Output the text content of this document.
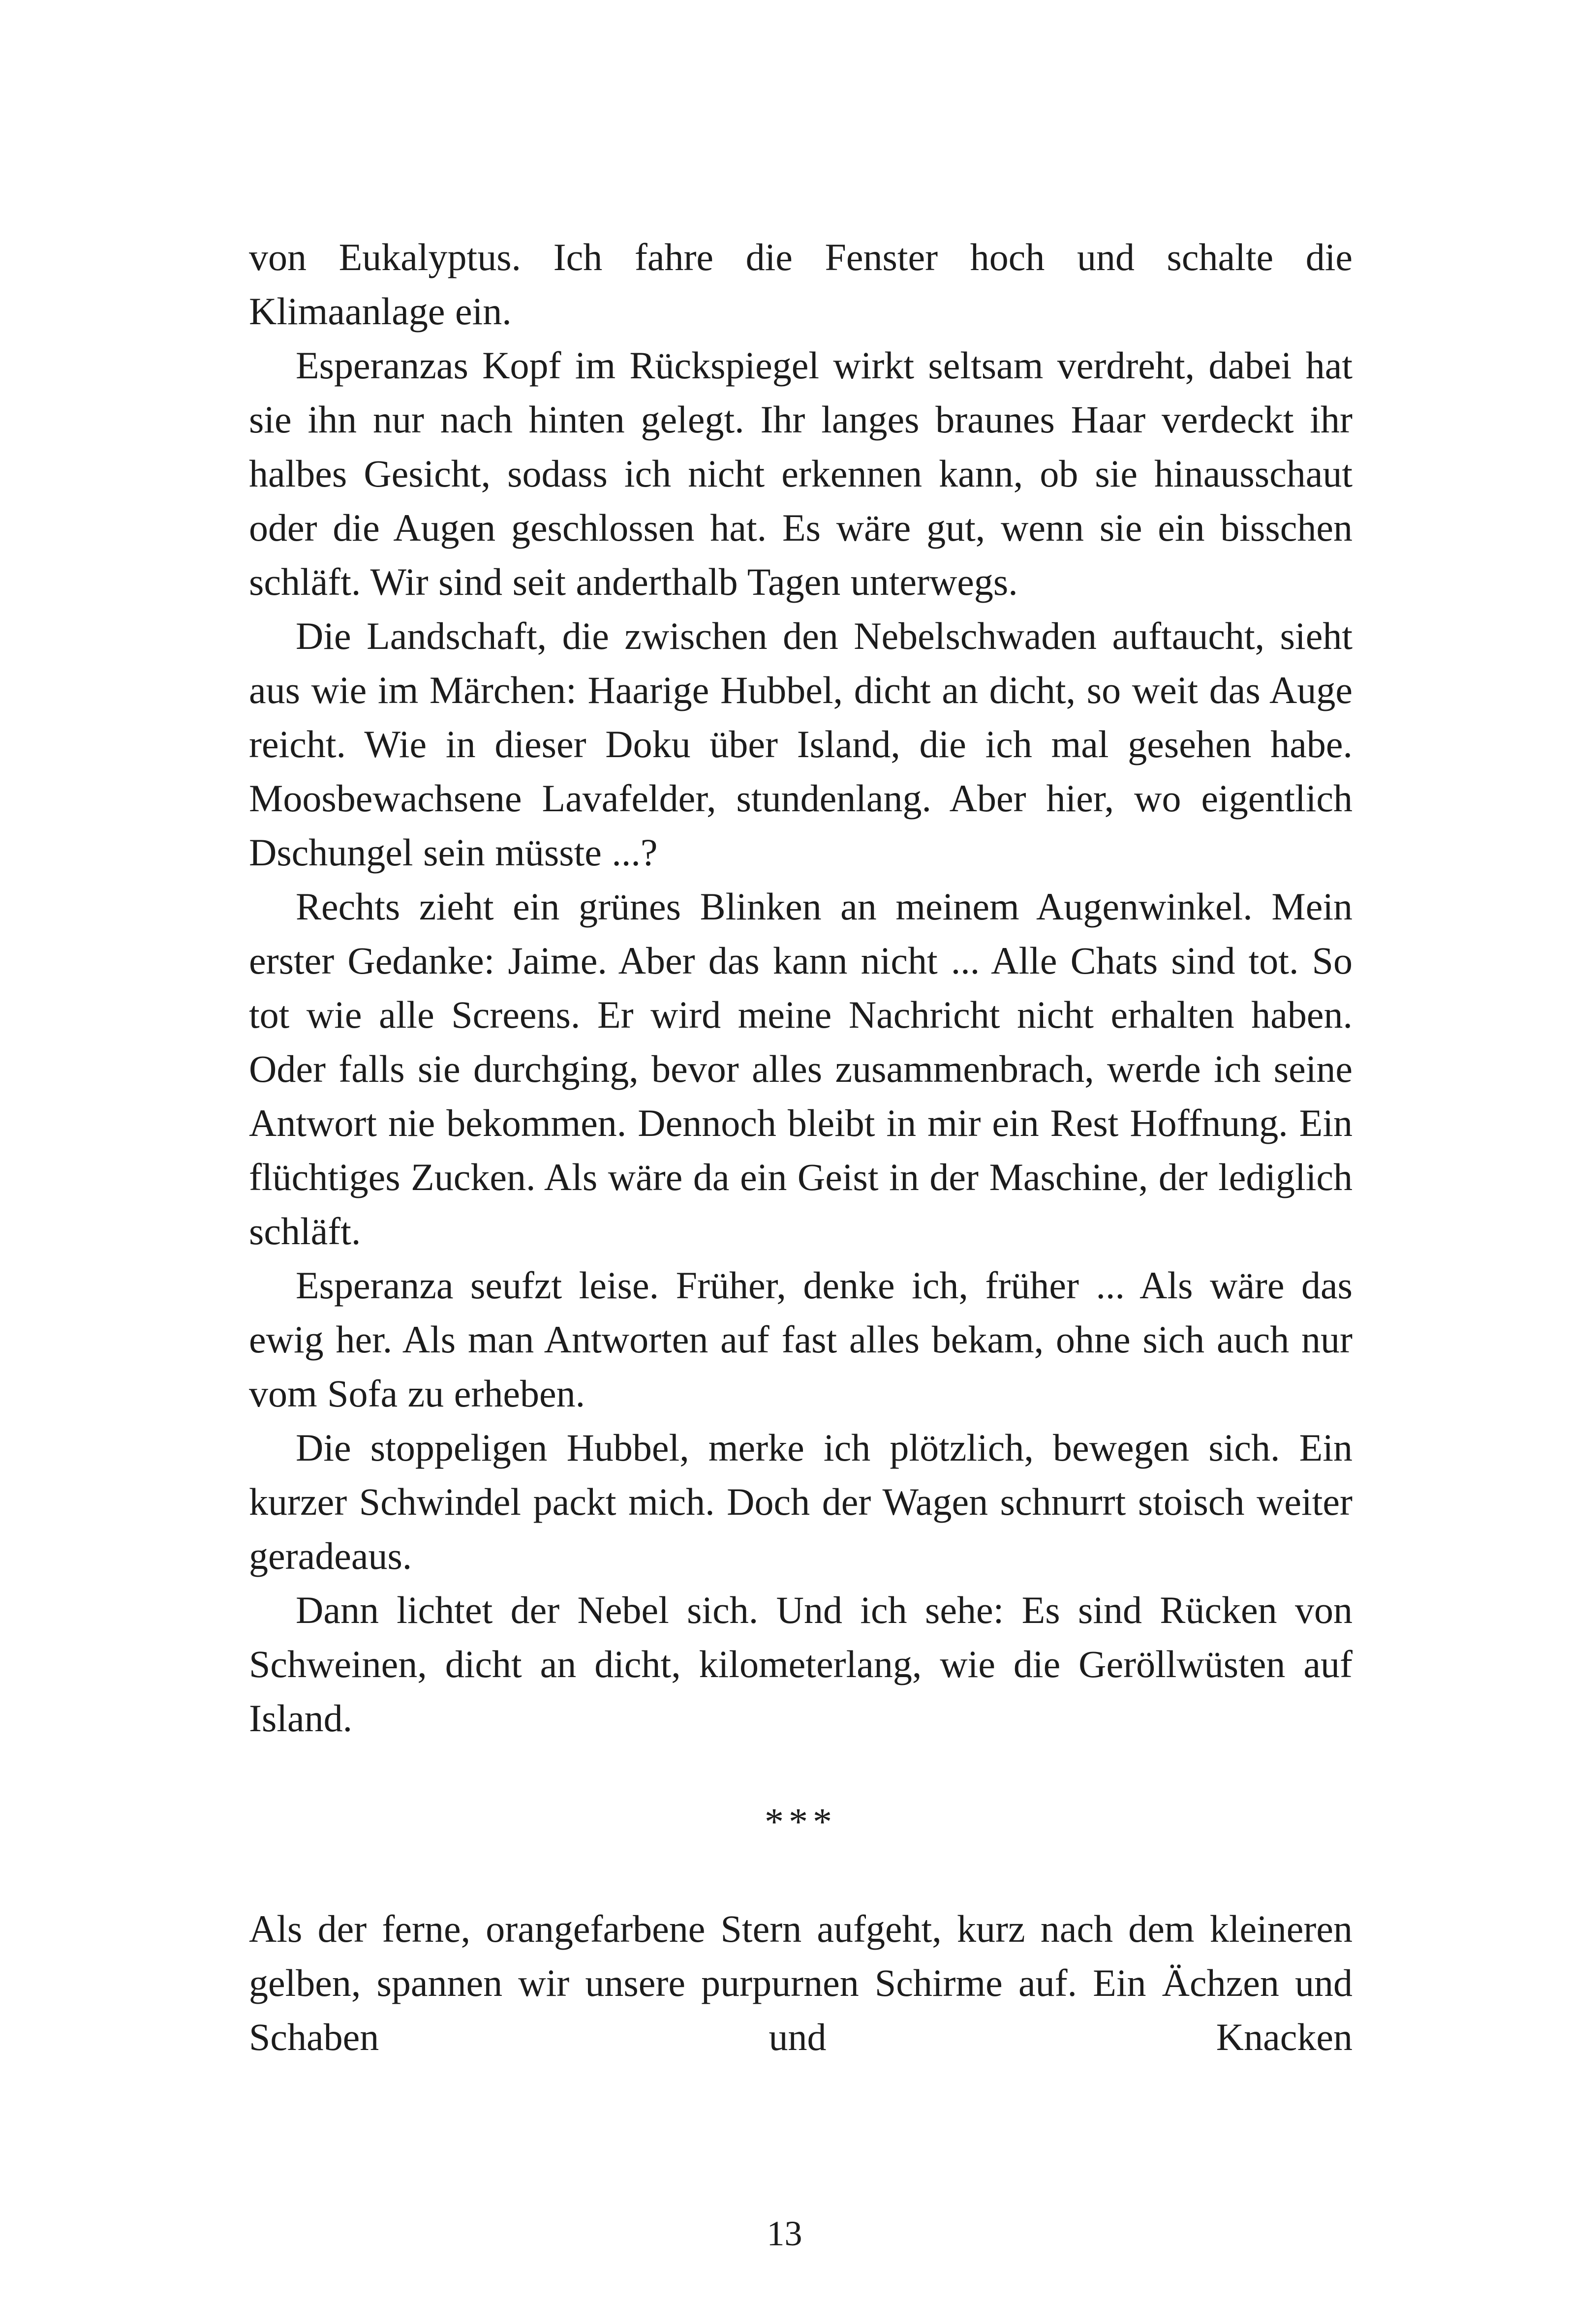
von Eukalyptus. Ich fahre die Fenster hoch und schalte die Klimaanlage ein.

Esperanzas Kopf im Rückspiegel wirkt seltsam verdreht, dabei hat sie ihn nur nach hinten gelegt. Ihr langes braunes Haar verdeckt ihr halbes Gesicht, sodass ich nicht erkennen kann, ob sie hinausschaut oder die Augen geschlossen hat. Es wäre gut, wenn sie ein bisschen schläft. Wir sind seit anderthalb Tagen unterwegs.

Die Landschaft, die zwischen den Nebelschwaden auftaucht, sieht aus wie im Märchen: Haarige Hubbel, dicht an dicht, so weit das Auge reicht. Wie in dieser Doku über Island, die ich mal gesehen habe. Moosbewachsene Lavafelder, stundenlang. Aber hier, wo eigentlich Dschungel sein müsste ...?

Rechts zieht ein grünes Blinken an meinem Augenwinkel. Mein erster Gedanke: Jaime. Aber das kann nicht ... Alle Chats sind tot. So tot wie alle Screens. Er wird meine Nachricht nicht erhalten haben. Oder falls sie durchging, bevor alles zusammenbrach, werde ich seine Antwort nie bekommen. Dennoch bleibt in mir ein Rest Hoffnung. Ein flüchtiges Zucken. Als wäre da ein Geist in der Maschine, der lediglich schläft.

Esperanza seufzt leise. Früher, denke ich, früher ... Als wäre das ewig her. Als man Antworten auf fast alles bekam, ohne sich auch nur vom Sofa zu erheben.

Die stoppeligen Hubbel, merke ich plötzlich, bewegen sich. Ein kurzer Schwindel packt mich. Doch der Wagen schnurrt stoisch weiter geradeaus.

Dann lichtet der Nebel sich. Und ich sehe: Es sind Rücken von Schweinen, dicht an dicht, kilometerlang, wie die Geröllwüsten auf Island.

***

Als der ferne, orangefarbene Stern aufgeht, kurz nach dem kleineren gelben, spannen wir unsere purpurnen Schirme auf. Ein Ächzen und Schaben und Knacken

13
